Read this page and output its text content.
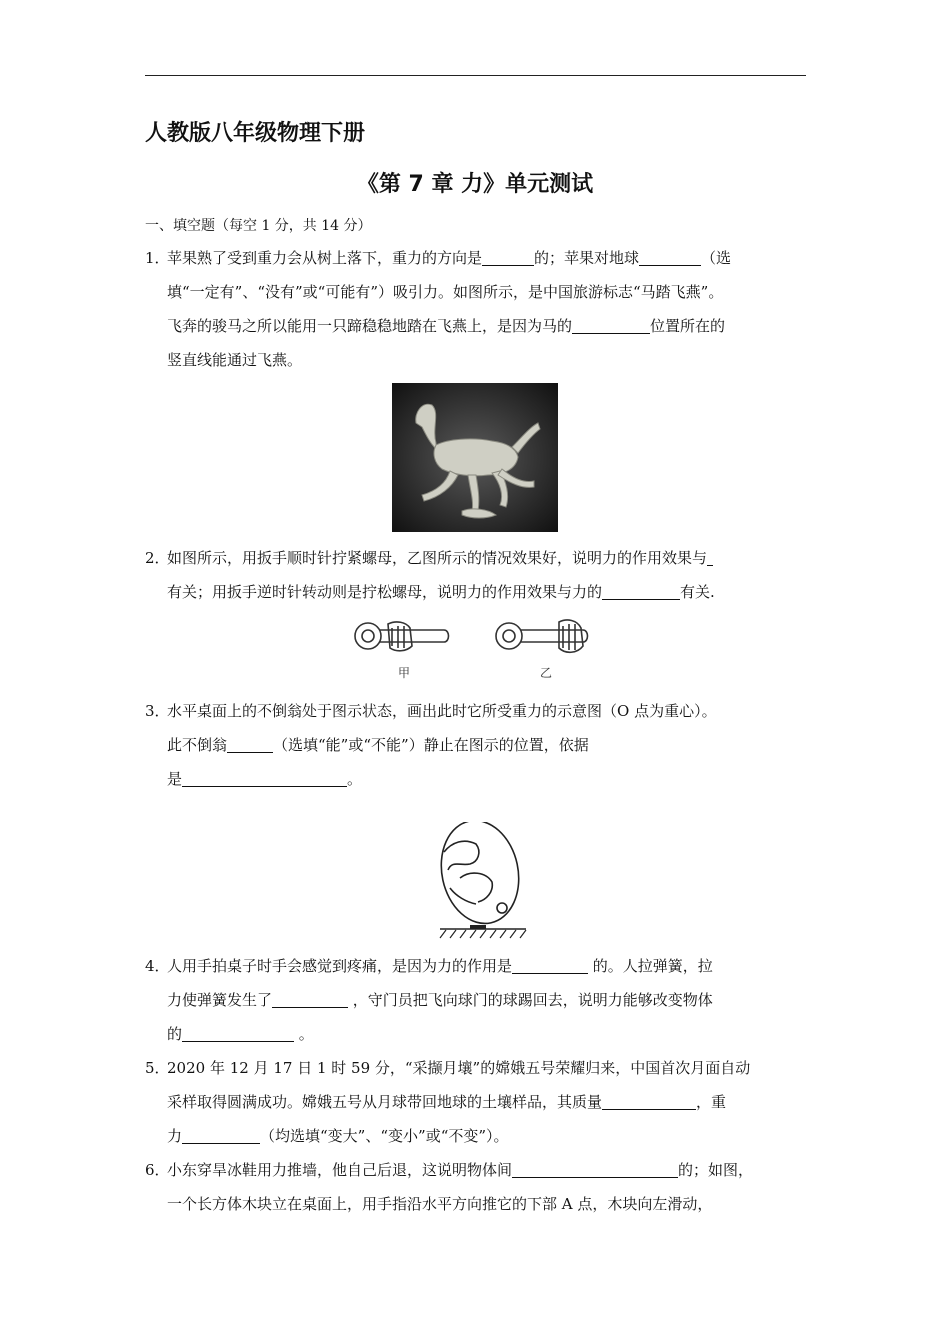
人教版八年级物理下册
《第 7 章 力》单元测试
一、填空题（每空 1 分，共 14 分）
1．
苹果熟了受到重力会从树上落下，重力的方向是	的；苹果对地球	（选
填“一定有”、“没有”或“可能有”）吸引力。如图所示，是中国旅游标志“马踏飞燕”。
飞奔的骏马之所以能用一只蹄稳稳地踏在飞燕上，是因为马的	位置所在的
竖直线能通过飞燕。
2．
如图所示，用扳手顺时针拧紧螺母，乙图所示的情况效果好，说明力的作用效果与
有关；用扳手逆时针转动则是拧松螺母，说明力的作用效果与力的	有关.
甲	乙
3．
水平桌面上的不倒翁处于图示状态，画出此时它所受重力的示意图（O 点为重心）。
此不倒翁	（选填“能”或“不能”）静止在图示的位置，依据
是	。
4．
人用手拍桌子时手会感觉到疼痛，是因为力的作用是	的。人拉弹簧，拉
力使弹簧发生了	，守门员把飞向球门的球踢回去，说明力能够改变物体
的	。
5．
2020 年 12 月 17 日 1 时 59 分，“采撷月壤”的嫦娥五号荣耀归来，中国首次月面自动
采样取得圆满成功。嫦娥五号从月球带回地球的土壤样品，其质量	，重
力	（均选填“变大”、“变小”或“不变”）。
6．
小东穿旱冰鞋用力推墙，他自己后退，这说明物体间	的；如图，
一个长方体木块立在桌面上，用手指沿水平方向推它的下部 A 点，木块向左滑动，
